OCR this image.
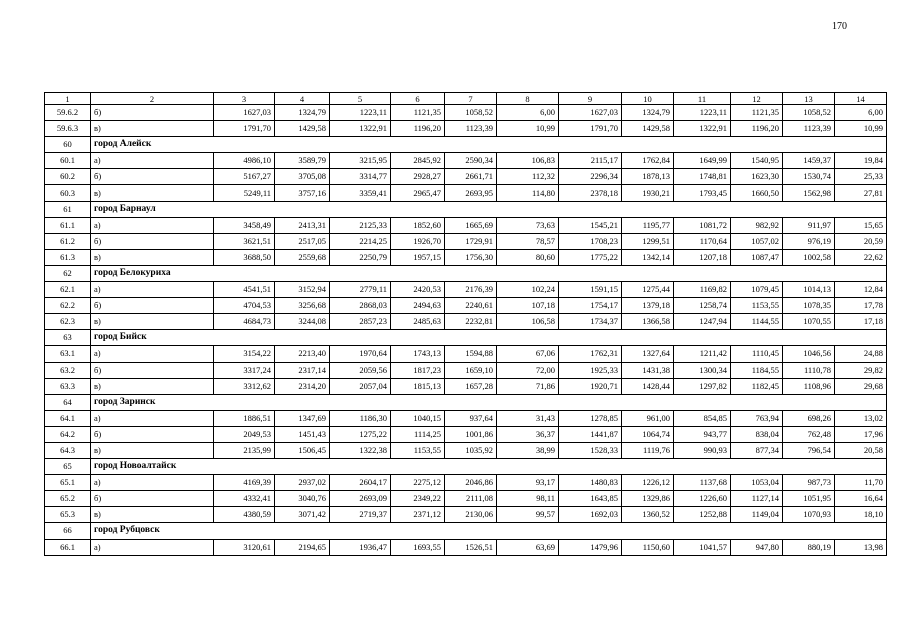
170
1	2	3	4	5	6	7	8	9	10	11	12	13	14
59.6.2	б)	1627,03	1324,79	1223,11	1121,35	1058,52	6,00	1627,03	1324,79	1223,11	1121,35	1058,52	6,00
59.6.3	в)	1791,70	1429,58	1322,91	1196,20	1123,39	10,99	1791,70	1429,58	1322,91	1196,20	1123,39	10,99
60	город Алейск												
60.1	а)	4986,10	3589,79	3215,95	2845,92	2590,34	106,83	2115,17	1762,84	1649,99	1540,95	1459,37	19,84
60.2	б)	5167,27	3705,08	3314,77	2928,27	2661,71	112,32	2296,34	1878,13	1748,81	1623,30	1530,74	25,33
60.3	в)	5249,11	3757,16	3359,41	2965,47	2693,95	114,80	2378,18	1930,21	1793,45	1660,50	1562,98	27,81
61	город Барнаул												
61.1	а)	3458,49	2413,31	2125,33	1852,60	1665,69	73,63	1545,21	1195,77	1081,72	982,92	911,97	15,65
61.2	б)	3621,51	2517,05	2214,25	1926,70	1729,91	78,57	1708,23	1299,51	1170,64	1057,02	976,19	20,59
61.3	в)	3688,50	2559,68	2250,79	1957,15	1756,30	80,60	1775,22	1342,14	1207,18	1087,47	1002,58	22,62
62	город Белокуриха												
62.1	а)	4541,51	3152,94	2779,11	2420,53	2176,39	102,24	1591,15	1275,44	1169,82	1079,45	1014,13	12,84
62.2	б)	4704,53	3256,68	2868,03	2494,63	2240,61	107,18	1754,17	1379,18	1258,74	1153,55	1078,35	17,78
62.3	в)	4684,73	3244,08	2857,23	2485,63	2232,81	106,58	1734,37	1366,58	1247,94	1144,55	1070,55	17,18
63	город Бийск												
63.1	а)	3154,22	2213,40	1970,64	1743,13	1594,88	67,06	1762,31	1327,64	1211,42	1110,45	1046,56	24,88
63.2	б)	3317,24	2317,14	2059,56	1817,23	1659,10	72,00	1925,33	1431,38	1300,34	1184,55	1110,78	29,82
63.3	в)	3312,62	2314,20	2057,04	1815,13	1657,28	71,86	1920,71	1428,44	1297,82	1182,45	1108,96	29,68
64	город Заринск												
64.1	а)	1886,51	1347,69	1186,30	1040,15	937,64	31,43	1278,85	961,00	854,85	763,94	698,26	13,02
64.2	б)	2049,53	1451,43	1275,22	1114,25	1001,86	36,37	1441,87	1064,74	943,77	838,04	762,48	17,96
64.3	в)	2135,99	1506,45	1322,38	1153,55	1035,92	38,99	1528,33	1119,76	990,93	877,34	796,54	20,58
65	город Новоалтайск												
65.1	а)	4169,39	2937,02	2604,17	2275,12	2046,86	93,17	1480,83	1226,12	1137,68	1053,04	987,73	11,70
65.2	б)	4332,41	3040,76	2693,09	2349,22	2111,08	98,11	1643,85	1329,86	1226,60	1127,14	1051,95	16,64
65.3	в)	4380,59	3071,42	2719,37	2371,12	2130,06	99,57	1692,03	1360,52	1252,88	1149,04	1070,93	18,10
66	город Рубцовск												
66.1	а)	3120,61	2194,65	1936,47	1693,55	1526,51	63,69	1479,96	1150,60	1041,57	947,80	880,19	13,98
